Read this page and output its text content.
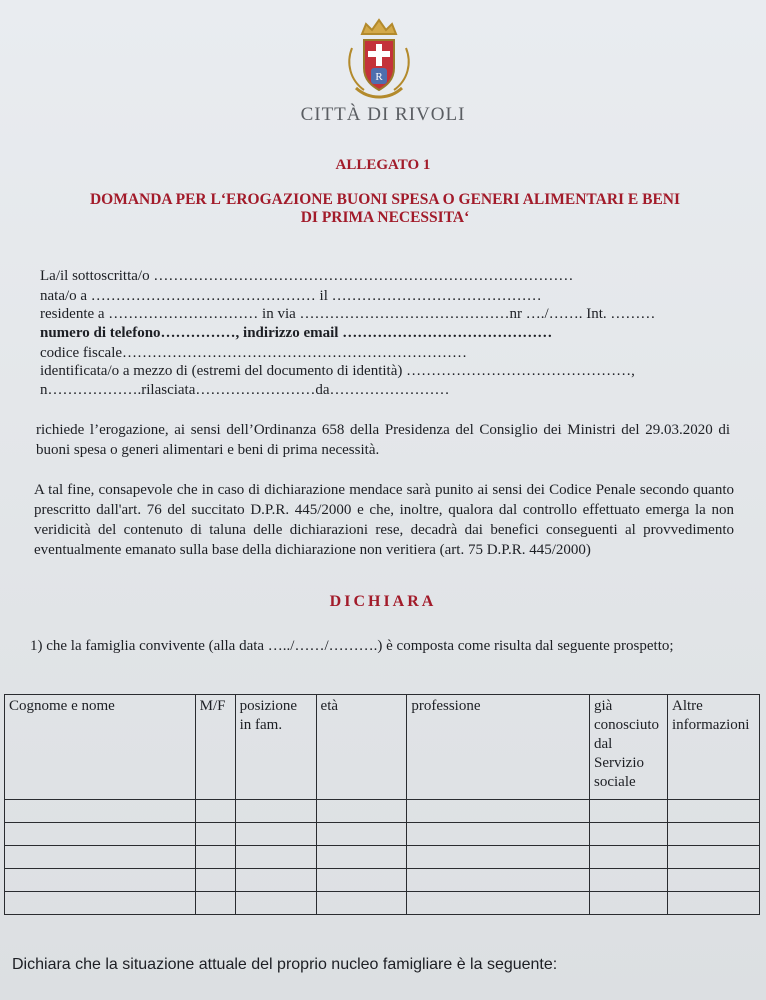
R
CITTÀ DI RIVOLI
ALLEGATO 1
DOMANDA PER L‘EROGAZIONE BUONI SPESA O GENERI ALIMENTARI E BENI
DI PRIMA NECESSITA‘
La/il sottoscritta/o …………………………………………………………………………
nata/o a ……………………………………… il ……………………………………
residente a ………………………… in via ……………………………………nr …./……. Int. ………
numero di telefono……………, indirizzo email ……………………………………
codice fiscale……………………………………………………………
identificata/o a mezzo di (estremi del documento di identità) ………………………………………,
n……………….rilasciata……………………da……………………
richiede l’erogazione, ai sensi dell’Ordinanza 658 della Presidenza del Consiglio dei Ministri del 29.03.2020 di buoni spesa o generi alimentari e beni di prima necessità.
A tal fine, consapevole che in caso di dichiarazione mendace sarà punito ai sensi dei Codice Penale secondo quanto prescritto dall'art. 76 del succitato D.P.R. 445/2000 e che, inoltre, qualora dal controllo effettuato emerga la non veridicità del contenuto di taluna delle dichiarazioni rese, decadrà dai benefici conseguenti al provvedimento eventualmente emanato sulla base della dichiarazione non veritiera (art. 75 D.P.R. 445/2000)
DICHIARA
1) che la famiglia convivente (alla data …../……/……….) è composta come risulta dal seguente prospetto;
Cognome e nome	M/F	posizione in fam.	età	professione	già conosciuto dal Servizio sociale	Altre informazioni

Dichiara che la situazione attuale del proprio nucleo famigliare è la seguente:
